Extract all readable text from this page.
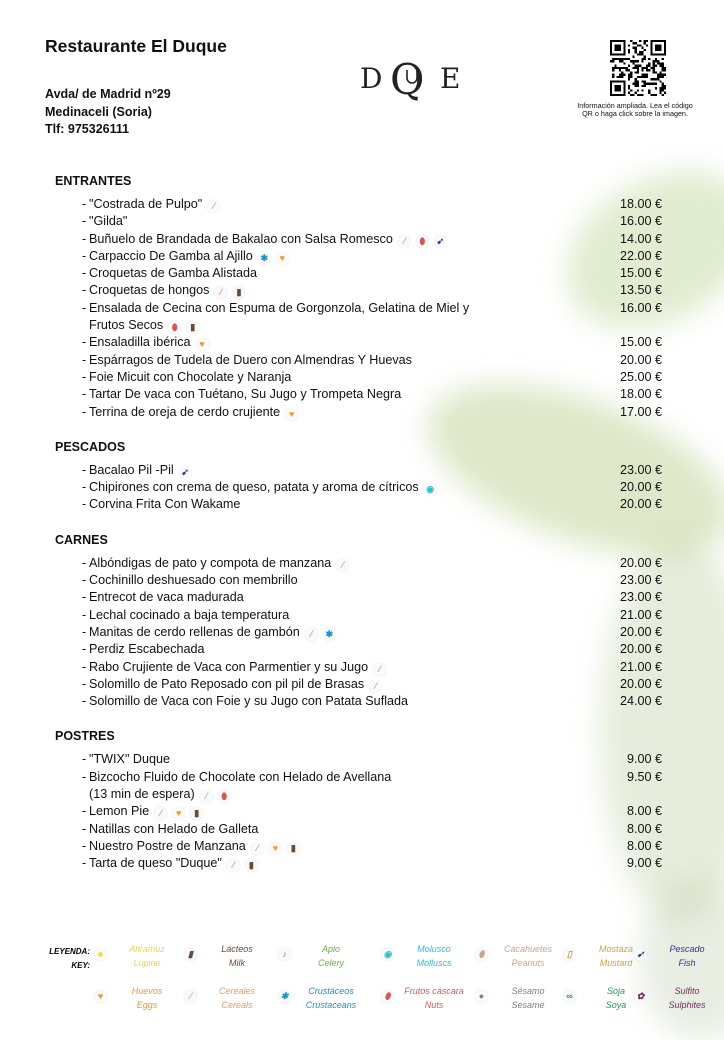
Restaurante El Duque
Avda/ de Madrid nº29
Medinaceli (Soria)
Tlf: 975326111
D Q E
Información ampliada. Lea el código QR o haga click sobre la imagen.
ENTRANTES
- "Costrada de Pulpo" ⁄	18.00 €
- "Gilda"	16.00 €
- Buñuelo de Brandada de Bakalao con Salsa Romesco ⁄ ⬮ ➹	14.00 €
- Carpaccio De Gamba al Ajillo ✱ ♥	22.00 €
- Croquetas de Gamba Alistada	15.00 €
- Croquetas de hongos ⁄ ▮	13.50 €
- Ensalada de Cecina con Espuma de Gorgonzola, Gelatina de Miel y
Frutos Secos ⬮ ▮
16.00 €
- Ensaladilla ibérica ♥	15.00 €
- Espárragos de Tudela de Duero con Almendras Y Huevas	20.00 €
- Foie Micuit con Chocolate y Naranja	25.00 €
- Tartar De vaca con Tuétano, Su Jugo y Trompeta Negra	18.00 €
- Terrina de oreja de cerdo crujiente ♥	17.00 €
PESCADOS
- Bacalao Pil -Pil ➹	23.00 €
- Chipirones con crema de queso, patata y aroma de cítricos ◉	20.00 €
- Corvina Frita Con Wakame	20.00 €
CARNES
- Albóndigas de pato y compota de manzana ⁄	20.00 €
- Cochinillo deshuesado con membrillo	23.00 €
- Entrecot de vaca madurada	23.00 €
- Lechal cocinado a baja temperatura	21.00 €
- Manitas de cerdo rellenas de gambón ⁄ ✱	20.00 €
- Perdiz Escabechada	20.00 €
- Rabo Crujiente de Vaca con Parmentier y su Jugo ⁄	21.00 €
- Solomillo de Pato Reposado con pil pil de Brasas ⁄	20.00 €
- Solomillo de Vaca con Foie y su Jugo con Patata Suflada	24.00 €
POSTRES
- "TWIX" Duque	9.00 €
- Bizcocho Fluido de Chocolate con Helado de Avellana
(13 min de espera) ⁄ ⬮
9.50 €
- Lemon Pie ⁄ ♥ ▮	8.00 €
- Natillas con Helado de Galleta	8.00 €
- Nuestro Postre de Manzana ⁄ ♥ ▮	8.00 €
- Tarta de queso "Duque" ⁄ ▮	9.00 €
LEYENDA:
KEY:
♣	Altramuz
Lupine
▮	Lácteos
Milk
♪	Apio
Celery
◉	Molusco
Molluscs
⬮	Cacahuetes
Peanuts
▯	Mostaza
Mustard
➹	Pescado
Fish
♥	Huevos
Eggs
⁄	Cereales
Cereals
✱	Crustáceos
Crustaceans
⬮	Frutos cáscara
Nuts
●	Sésamo
Sesame
∞	Soja
Soya
✿	Sulfito
Sulphites
